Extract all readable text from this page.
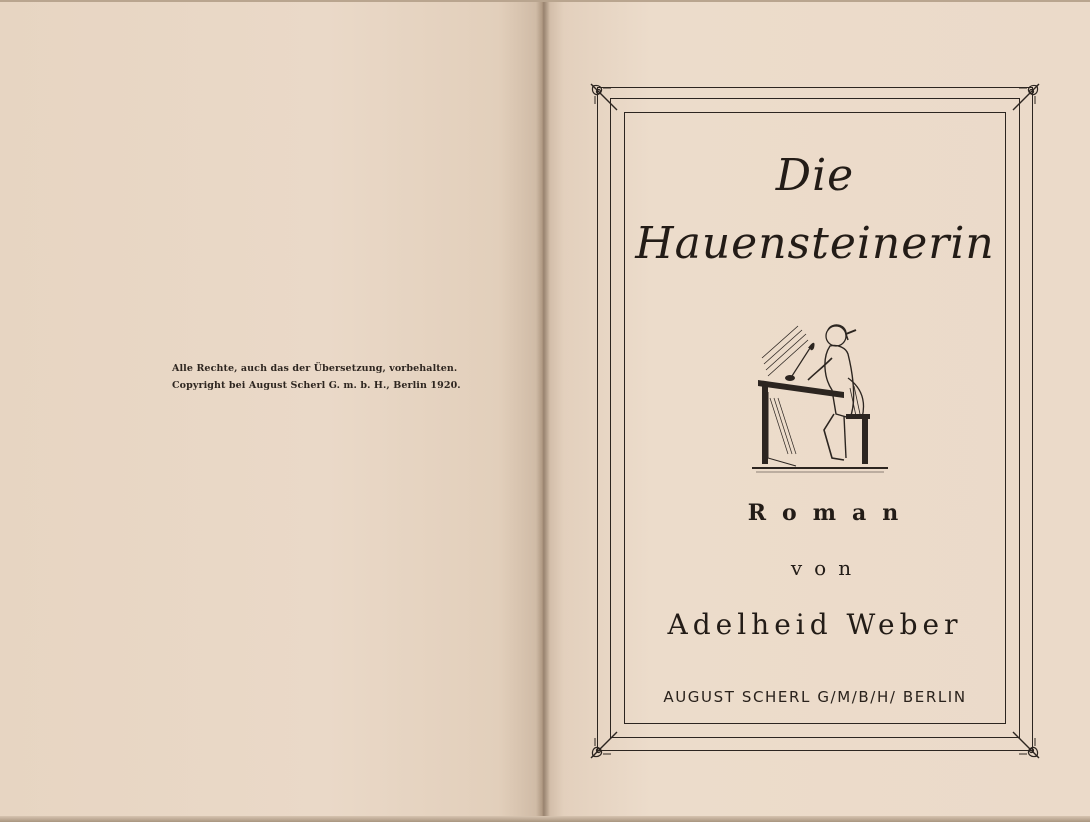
Alle Rechte, auch das der Übersetzung, vorbehalten.
Copyright bei August Scherl G. m. b. H., Berlin 1920.
Die
Hauensteinerin
Roman
von
Adelheid Weber
AUGUST SCHERL G/M/B/H/ BERLIN
